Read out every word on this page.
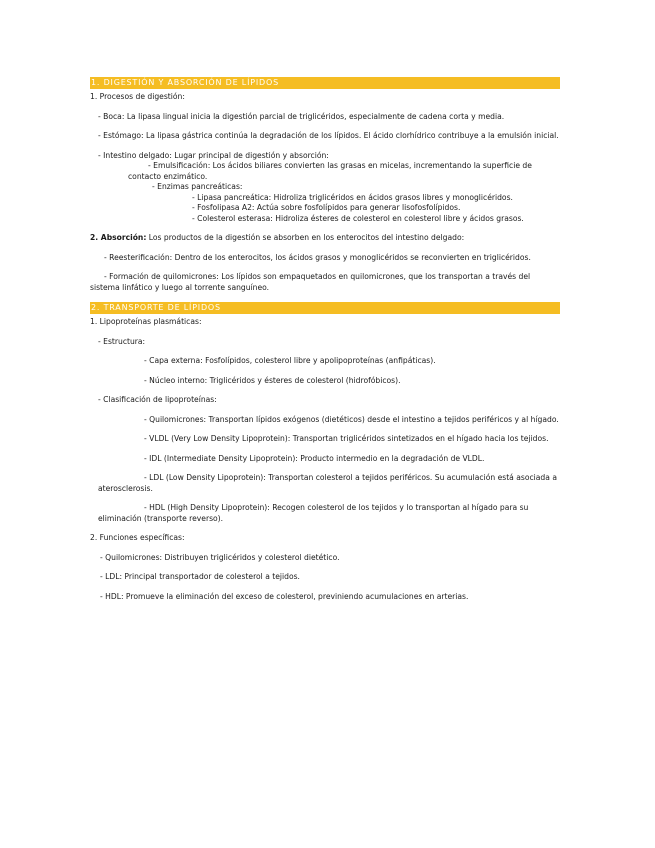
1. DIGESTIÓN Y ABSORCIÓN DE LÍPIDOS
1. Procesos de digestión:
- Boca: La lipasa lingual inicia la digestión parcial de triglicéridos, especialmente de cadena corta y media.
- Estómago: La lipasa gástrica continúa la degradación de los lípidos. El ácido clorhídrico contribuye a la emulsión inicial.
- Intestino delgado: Lugar principal de digestión y absorción:
- Emulsificación: Los ácidos biliares convierten las grasas en micelas, incrementando la superficie de contacto enzimático.
- Enzimas pancreáticas:
- Lipasa pancreática: Hidroliza triglicéridos en ácidos grasos libres y monoglicéridos.
- Fosfolipasa A2: Actúa sobre fosfolípidos para generar lisofosfolípidos.
- Colesterol esterasa: Hidroliza ésteres de colesterol en colesterol libre y ácidos grasos.
2. Absorción: Los productos de la digestión se absorben en los enterocitos del intestino delgado:
- Reesterificación: Dentro de los enterocitos, los ácidos grasos y monoglicéridos se reconvierten en triglicéridos.
- Formación de quilomicrones: Los lípidos son empaquetados en quilomicrones, que los transportan a través del sistema linfático y luego al torrente sanguíneo.
2. TRANSPORTE DE LÍPIDOS
1. Lipoproteínas plasmáticas:
- Estructura:
- Capa externa: Fosfolípidos, colesterol libre y apolipoproteínas (anfipáticas).
- Núcleo interno: Triglicéridos y ésteres de colesterol (hidrofóbicos).
- Clasificación de lipoproteínas:
- Quilomicrones: Transportan lípidos exógenos (dietéticos) desde el intestino a tejidos periféricos y al hígado.
- VLDL (Very Low Density Lipoprotein): Transportan triglicéridos sintetizados en el hígado hacia los tejidos.
- IDL (Intermediate Density Lipoprotein): Producto intermedio en la degradación de VLDL.
- LDL (Low Density Lipoprotein): Transportan colesterol a tejidos periféricos. Su acumulación está asociada a aterosclerosis.
- HDL (High Density Lipoprotein): Recogen colesterol de los tejidos y lo transportan al hígado para su eliminación (transporte reverso).
2. Funciones específicas:
- Quilomicrones: Distribuyen triglicéridos y colesterol dietético.
- LDL: Principal transportador de colesterol a tejidos.
- HDL: Promueve la eliminación del exceso de colesterol, previniendo acumulaciones en arterias.
